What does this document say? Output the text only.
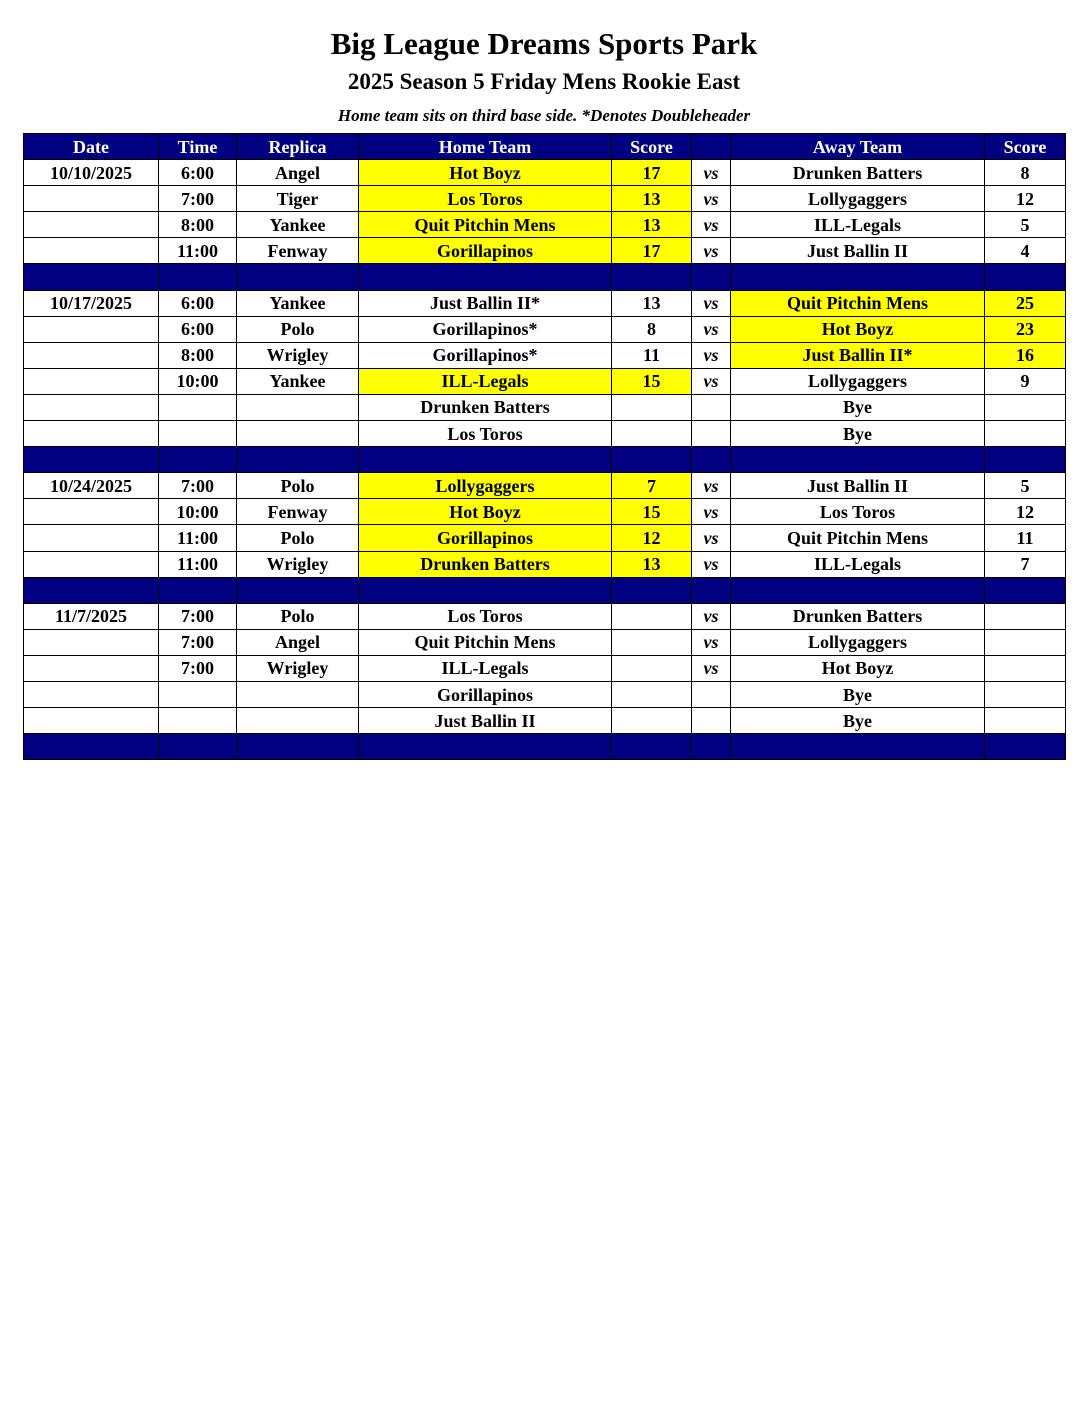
Big League Dreams Sports Park
2025 Season 5 Friday Mens Rookie East
Home team sits on third base side. *Denotes Doubleheader
Date	Time	Replica	Home Team	Score		Away Team	Score
10/10/2025	6:00	Angel	Hot Boyz	17	vs	Drunken Batters	8
	7:00	Tiger	Los Toros	13	vs	Lollygaggers	12
	8:00	Yankee	Quit Pitchin Mens	13	vs	ILL-Legals	5
	11:00	Fenway	Gorillapinos	17	vs	Just Ballin II	4

10/17/2025	6:00	Yankee	Just Ballin II*	13	vs	Quit Pitchin Mens	25
	6:00	Polo	Gorillapinos*	8	vs	Hot Boyz	23
	8:00	Wrigley	Gorillapinos*	11	vs	Just Ballin II*	16
	10:00	Yankee	ILL-Legals	15	vs	Lollygaggers	9
			Drunken Batters			Bye	
			Los Toros			Bye	

10/24/2025	7:00	Polo	Lollygaggers	7	vs	Just Ballin II	5
	10:00	Fenway	Hot Boyz	15	vs	Los Toros	12
	11:00	Polo	Gorillapinos	12	vs	Quit Pitchin Mens	11
	11:00	Wrigley	Drunken Batters	13	vs	ILL-Legals	7

11/7/2025	7:00	Polo	Los Toros		vs	Drunken Batters	
	7:00	Angel	Quit Pitchin Mens		vs	Lollygaggers	
	7:00	Wrigley	ILL-Legals		vs	Hot Boyz	
			Gorillapinos			Bye	
			Just Ballin II			Bye	
